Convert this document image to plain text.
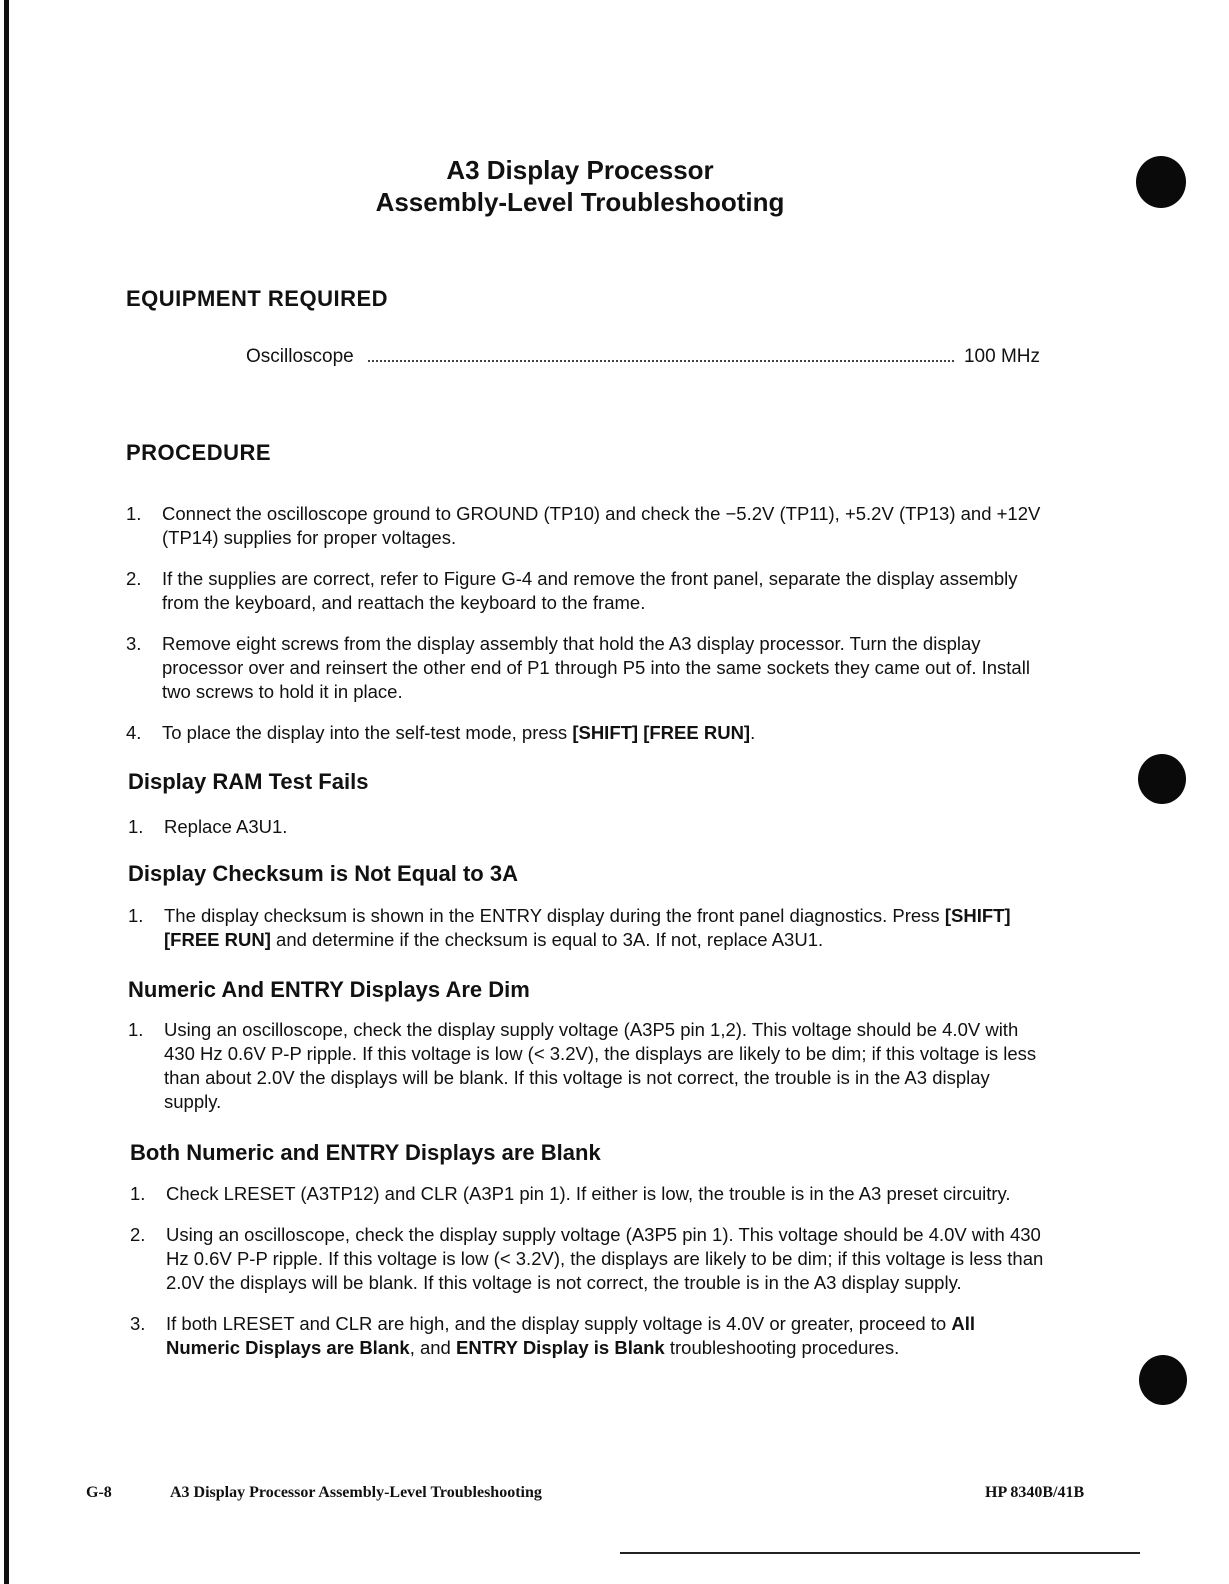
A3 Display Processor
Assembly-Level Troubleshooting
EQUIPMENT REQUIRED
Oscilloscope	100 MHz
PROCEDURE
1. Connect the oscilloscope ground to GROUND (TP10) and check the −5.2V (TP11), +5.2V (TP13) and +12V (TP14) supplies for proper voltages.
2. If the supplies are correct, refer to Figure G-4 and remove the front panel, separate the display assembly from the keyboard, and reattach the keyboard to the frame.
3. Remove eight screws from the display assembly that hold the A3 display processor. Turn the display processor over and reinsert the other end of P1 through P5 into the same sockets they came out of. Install two screws to hold it in place.
4. To place the display into the self-test mode, press [SHIFT] [FREE RUN].
Display RAM Test Fails
1. Replace A3U1.
Display Checksum is Not Equal to 3A
1. The display checksum is shown in the ENTRY display during the front panel diagnostics. Press [SHIFT] [FREE RUN] and determine if the checksum is equal to 3A. If not, replace A3U1.
Numeric And ENTRY Displays Are Dim
1. Using an oscilloscope, check the display supply voltage (A3P5 pin 1,2). This voltage should be 4.0V with 430 Hz 0.6V P-P ripple. If this voltage is low (< 3.2V), the displays are likely to be dim; if this voltage is less than about 2.0V the displays will be blank. If this voltage is not correct, the trouble is in the A3 display supply.
Both Numeric and ENTRY Displays are Blank
1. Check LRESET (A3TP12) and CLR (A3P1 pin 1). If either is low, the trouble is in the A3 preset circuitry.
2. Using an oscilloscope, check the display supply voltage (A3P5 pin 1). This voltage should be 4.0V with 430 Hz 0.6V P-P ripple. If this voltage is low (< 3.2V), the displays are likely to be dim; if this voltage is less than 2.0V the displays will be blank. If this voltage is not correct, the trouble is in the A3 display supply.
3. If both LRESET and CLR are high, and the display supply voltage is 4.0V or greater, proceed to All Numeric Displays are Blank, and ENTRY Display is Blank troubleshooting procedures.
G-8	A3 Display Processor Assembly-Level Troubleshooting	HP 8340B/41B
